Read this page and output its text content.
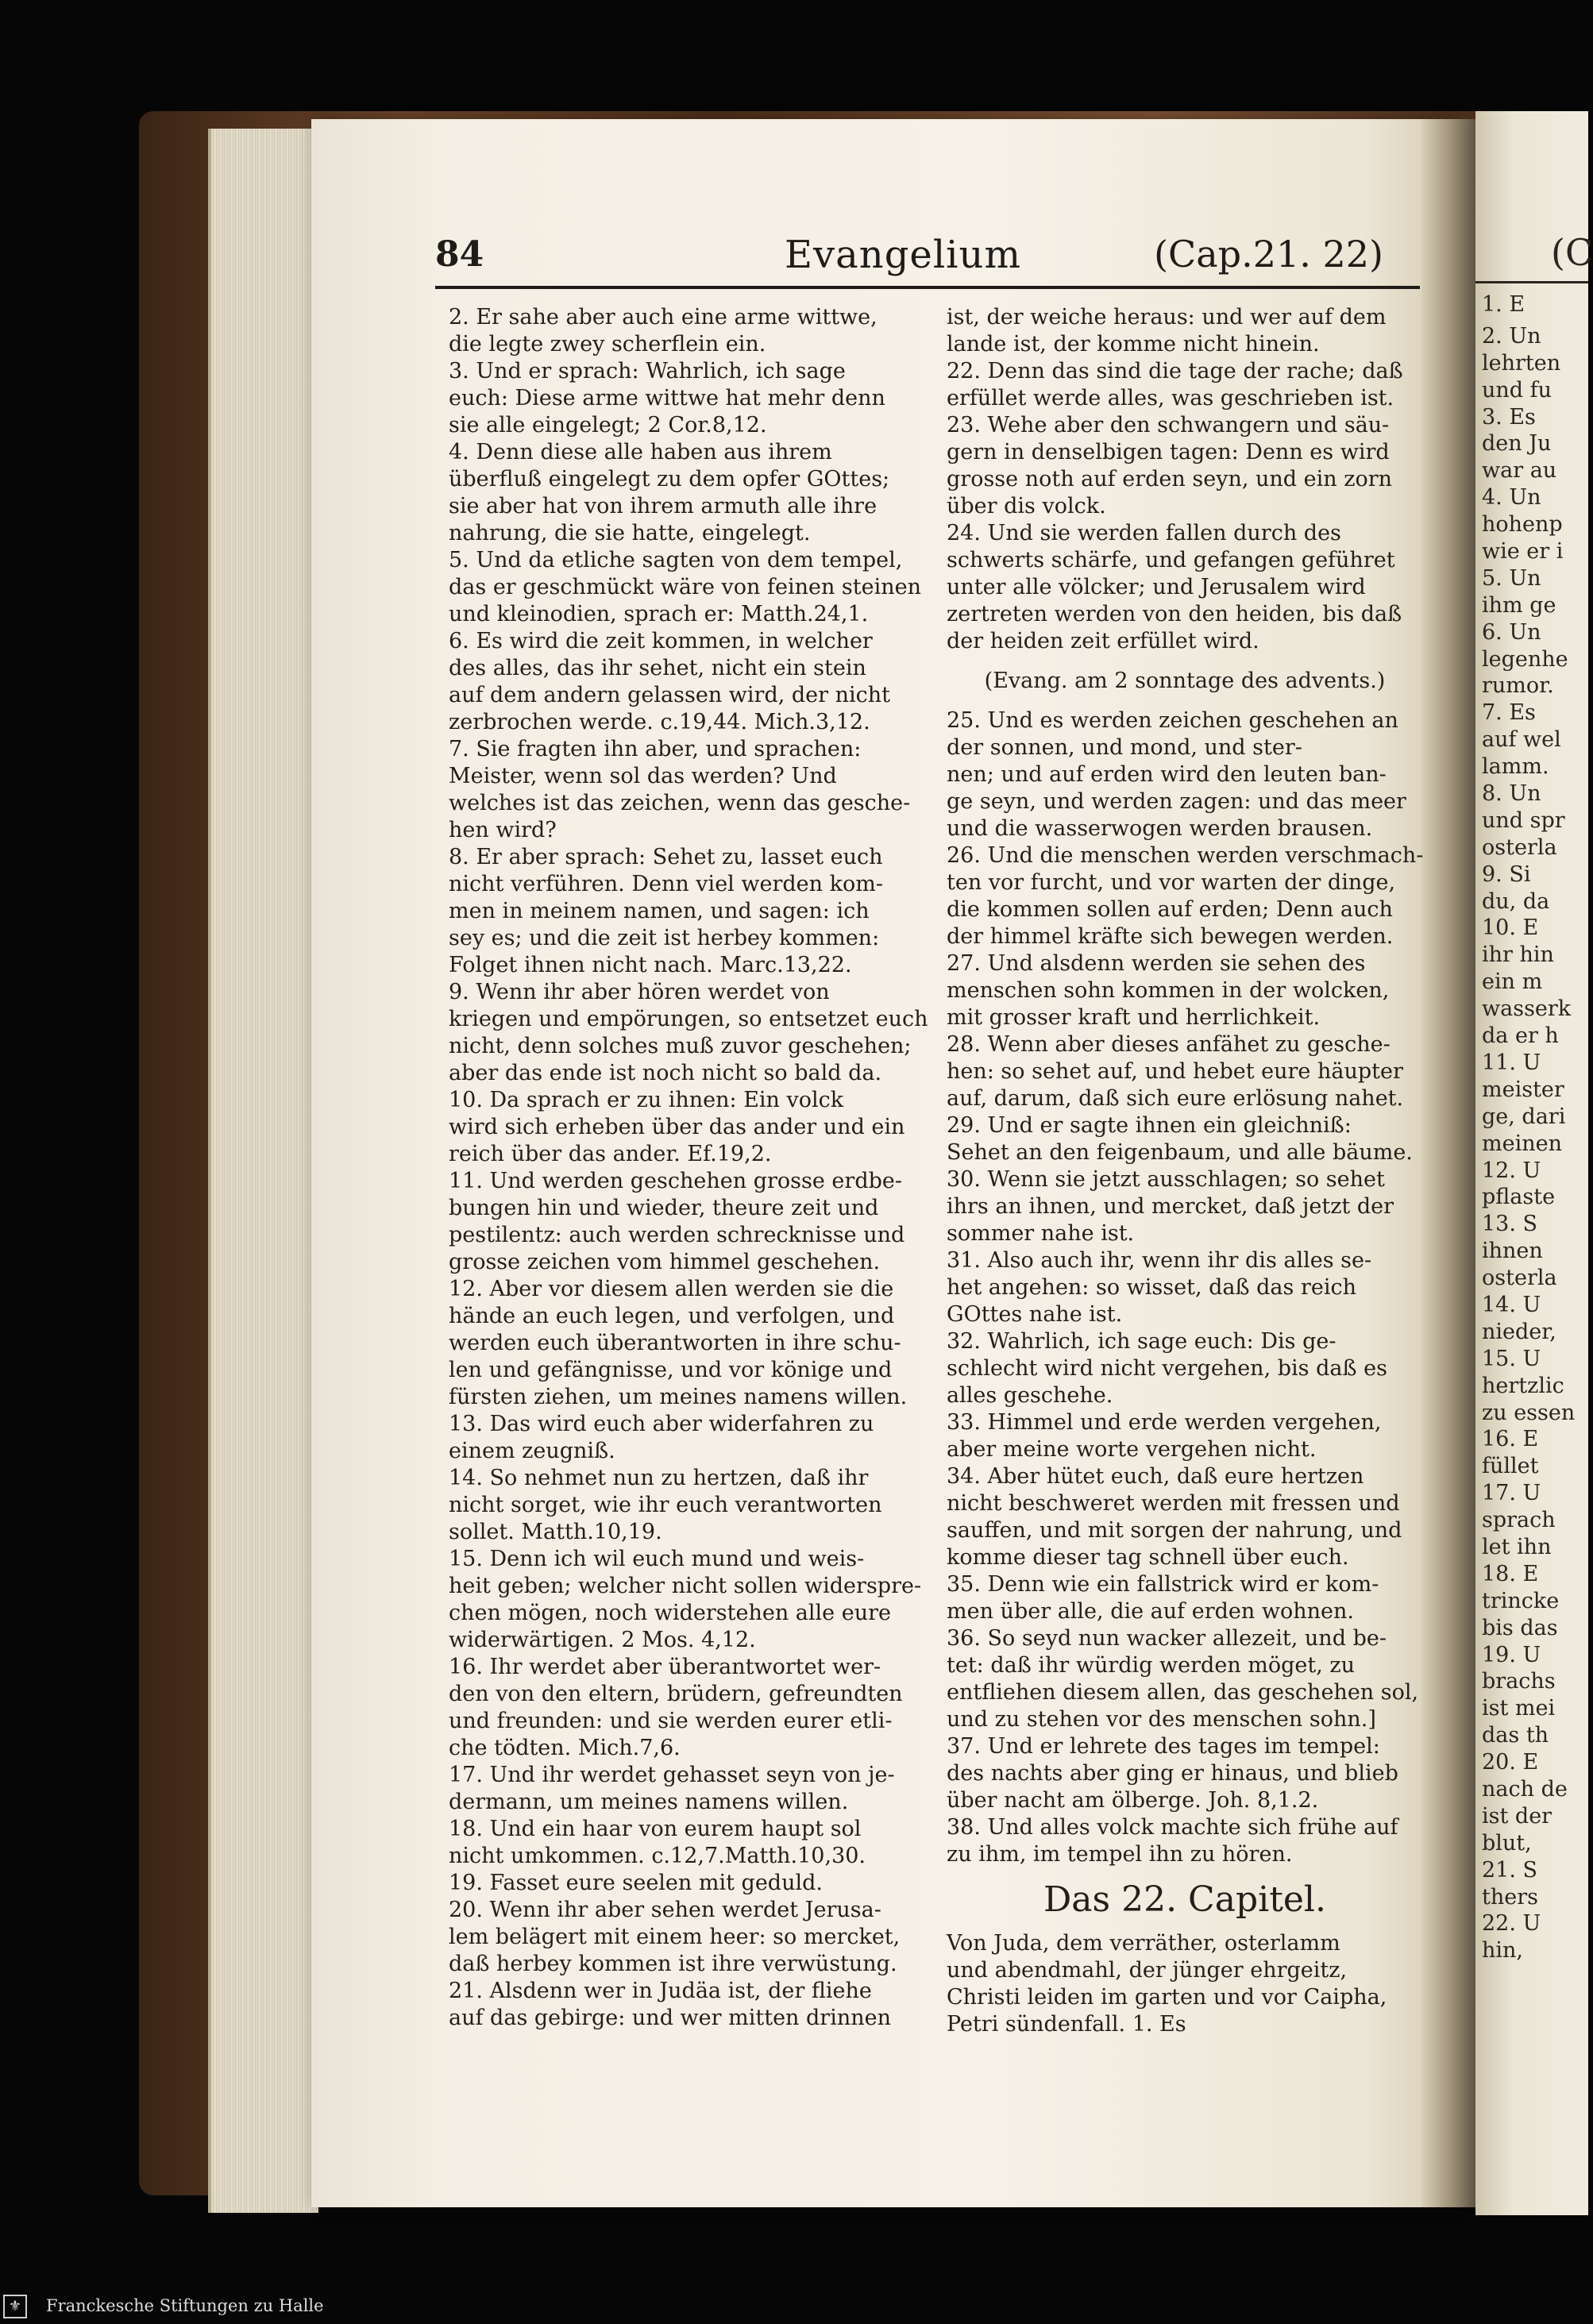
(C
1. E
2. Un
lehrten
und fu
3. Es
den Ju
war au
4. Un
hohenp
wie er i
5. Un
ihm ge
6. Un
legenhe
rumor.
7. Es
auf wel
lamm.
8. Un
und spr
osterla
9. Si
du, da
10. E
ihr hin
ein m
wasserk
da er h
11. U
meister
ge, dari
meinen
12. U
pflaste
13. S
ihnen
osterla
14. U
nieder,
15. U
hertzlic
zu essen
16. E
füllet
17. U
sprach
let ihn
18. E
trincke
bis das
19. U
brachs
ist mei
das th
20. E
nach de
ist der
blut,
21. S
thers
22. U
hin,
84	Evangelium	(Cap.21. 22)
2. Er sahe aber auch eine arme wittwe,
die legte zwey scherflein ein.
3. Und er sprach: Wahrlich, ich sage
euch: Diese arme wittwe hat mehr denn
sie alle eingelegt; 2 Cor.8,12.
4. Denn diese alle haben aus ihrem
überfluß eingelegt zu dem opfer GOttes;
sie aber hat von ihrem armuth alle ihre
nahrung, die sie hatte, eingelegt.
5. Und da etliche sagten von dem tempel,
das er geschmückt wäre von feinen steinen
und kleinodien, sprach er: Matth.24,1.
6. Es wird die zeit kommen, in welcher
des alles, das ihr sehet, nicht ein stein
auf dem andern gelassen wird, der nicht
zerbrochen werde. c.19,44. Mich.3,12.
7. Sie fragten ihn aber, und sprachen:
Meister, wenn sol das werden? Und
welches ist das zeichen, wenn das gesche-
hen wird?
8. Er aber sprach: Sehet zu, lasset euch
nicht verführen. Denn viel werden kom-
men in meinem namen, und sagen: ich
sey es; und die zeit ist herbey kommen:
Folget ihnen nicht nach. Marc.13,22.
9. Wenn ihr aber hören werdet von
kriegen und empörungen, so entsetzet euch
nicht, denn solches muß zuvor geschehen;
aber das ende ist noch nicht so bald da.
10. Da sprach er zu ihnen: Ein volck
wird sich erheben über das ander und ein
reich über das ander. Ef.19,2.
11. Und werden geschehen grosse erdbe-
bungen hin und wieder, theure zeit und
pestilentz: auch werden schrecknisse und
grosse zeichen vom himmel geschehen.
12. Aber vor diesem allen werden sie die
hände an euch legen, und verfolgen, und
werden euch überantworten in ihre schu-
len und gefängnisse, und vor könige und
fürsten ziehen, um meines namens willen.
13. Das wird euch aber widerfahren zu
einem zeugniß.
14. So nehmet nun zu hertzen, daß ihr
nicht sorget, wie ihr euch verantworten
sollet. Matth.10,19.
15. Denn ich wil euch mund und weis-
heit geben; welcher nicht sollen widerspre-
chen mögen, noch widerstehen alle eure
widerwärtigen. 2 Mos. 4,12.
16. Ihr werdet aber überantwortet wer-
den von den eltern, brüdern, gefreundten
und freunden: und sie werden eurer etli-
che tödten. Mich.7,6.
17. Und ihr werdet gehasset seyn von je-
dermann, um meines namens willen.
18. Und ein haar von eurem haupt sol
nicht umkommen. c.12,7.Matth.10,30.
19. Fasset eure seelen mit geduld.
20. Wenn ihr aber sehen werdet Jerusa-
lem belägert mit einem heer: so mercket,
daß herbey kommen ist ihre verwüstung.
21. Alsdenn wer in Judäa ist, der fliehe
auf das gebirge: und wer mitten drinnen
ist, der weiche heraus: und wer auf dem
lande ist, der komme nicht hinein.
22. Denn das sind die tage der rache; daß
erfüllet werde alles, was geschrieben ist.
23. Wehe aber den schwangern und säu-
gern in denselbigen tagen: Denn es wird
grosse noth auf erden seyn, und ein zorn
über dis volck.
24. Und sie werden fallen durch des
schwerts schärfe, und gefangen geführet
unter alle völcker; und Jerusalem wird
zertreten werden von den heiden, bis daß
der heiden zeit erfüllet wird.
(Evang. am 2 sonntage des advents.)
25. Und es werden zeichen geschehen an
der sonnen, und mond, und ster-
nen; und auf erden wird den leuten ban-
ge seyn, und werden zagen: und das meer
und die wasserwogen werden brausen.
26. Und die menschen werden verschmach-
ten vor furcht, und vor warten der dinge,
die kommen sollen auf erden; Denn auch
der himmel kräfte sich bewegen werden.
27. Und alsdenn werden sie sehen des
menschen sohn kommen in der wolcken,
mit grosser kraft und herrlichkeit.
28. Wenn aber dieses anfähet zu gesche-
hen: so sehet auf, und hebet eure häupter
auf, darum, daß sich eure erlösung nahet.
29. Und er sagte ihnen ein gleichniß:
Sehet an den feigenbaum, und alle bäume.
30. Wenn sie jetzt ausschlagen; so sehet
ihrs an ihnen, und mercket, daß jetzt der
sommer nahe ist.
31. Also auch ihr, wenn ihr dis alles se-
het angehen: so wisset, daß das reich
GOttes nahe ist.
32. Wahrlich, ich sage euch: Dis ge-
schlecht wird nicht vergehen, bis daß es
alles geschehe.
33. Himmel und erde werden vergehen,
aber meine worte vergehen nicht.
34. Aber hütet euch, daß eure hertzen
nicht beschweret werden mit fressen und
sauffen, und mit sorgen der nahrung, und
komme dieser tag schnell über euch.
35. Denn wie ein fallstrick wird er kom-
men über alle, die auf erden wohnen.
36. So seyd nun wacker allezeit, und be-
tet: daß ihr würdig werden möget, zu
entfliehen diesem allen, das geschehen sol,
und zu stehen vor des menschen sohn.]
37. Und er lehrete des tages im tempel:
des nachts aber ging er hinaus, und blieb
über nacht am ölberge. Joh. 8,1.2.
38. Und alles volck machte sich frühe auf
zu ihm, im tempel ihn zu hören.
Das 22. Capitel.
Von Juda, dem verräther, osterlamm
und abendmahl, der jünger ehrgeitz,
Christi leiden im garten und vor Caipha,
Petri sündenfall. 1. Es
⚜	Franckesche Stiftungen zu Halle
